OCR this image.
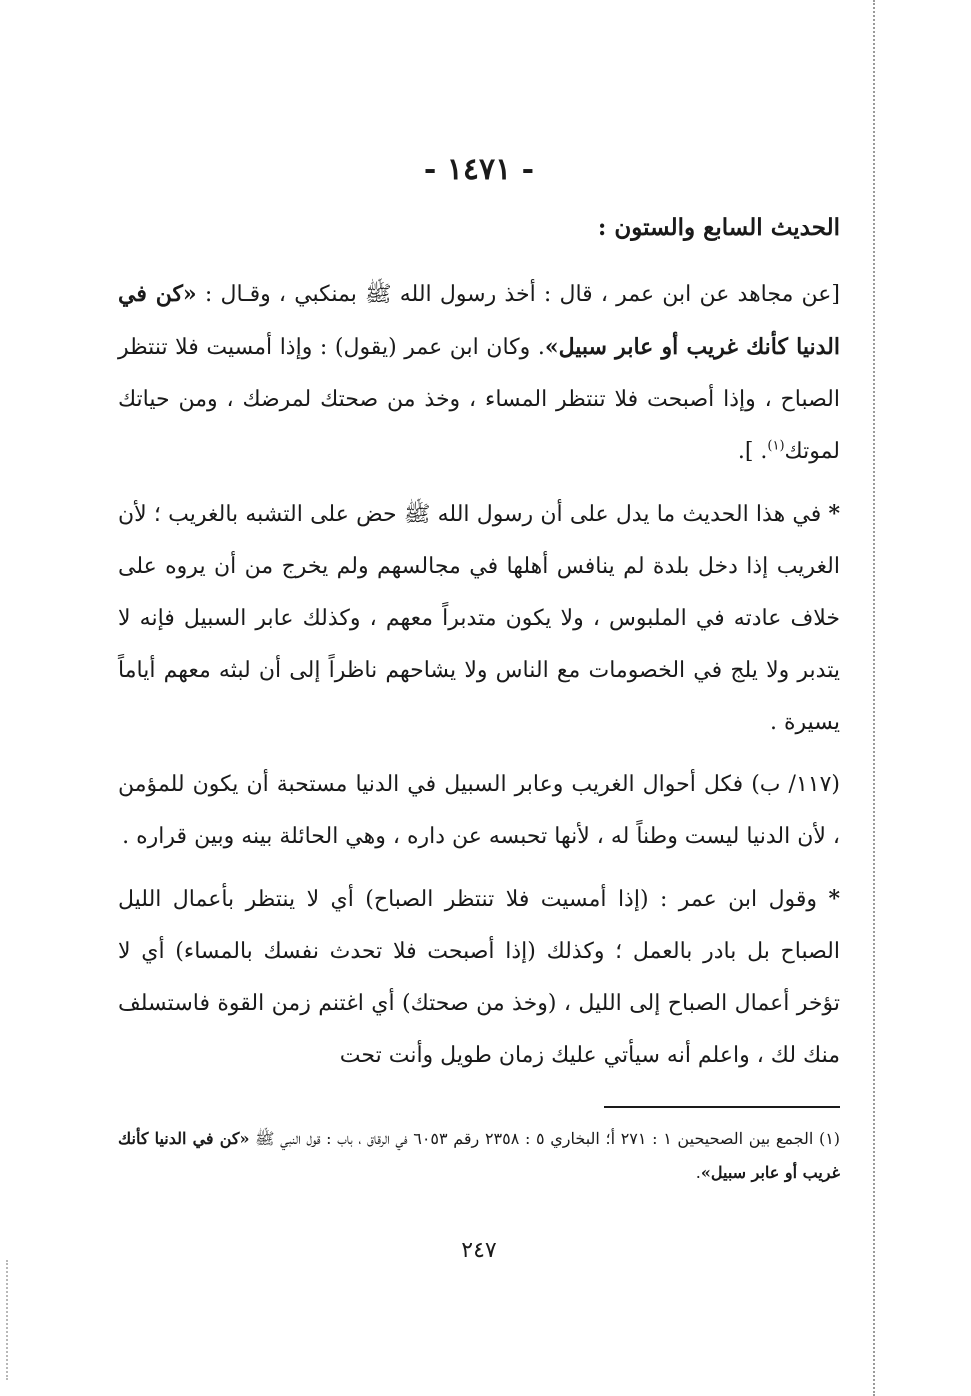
- ١٤٧١ -
الحديث السابع والستون :

[عن مجاهد عن ابن عمر ، قال : أخذ رسول الله ﷺ بمنكبي ، وقـال : «كن في الدنيا كأنك غريب أو عابر سبيل». وكان ابن عمر (يقول) : وإذا أمسيت فلا تنتظر الصباح ، وإذا أصبحت فلا تنتظر المساء ، وخذ من صحتك لمرضك ، ومن حياتك لموتك$^{(١)}$. ].

* في هذا الحديث ما يدل على أن رسول الله ﷺ حض على التشبه بالغريب ؛ لأن الغريب إذا دخل بلدة لم ينافس أهلها في مجالسهم ولم يخرج من أن يروه على خلاف عادته في الملبوس ، ولا يكون متدبراً معهم ، وكذلك عابر السبيل فإنه لا يتدبر ولا يلج في الخصومات مع الناس ولا يشاحهم ناظراً إلى أن لبثه معهم أياماً يسيرة .

(١١٧/ ب) فكل أحوال الغريب وعابر السبيل في الدنيا مستحبة أن يكون للمؤمن ، لأن الدنيا ليست وطناً له ، لأنها تحبسه عن داره ، وهي الحائلة بينه وبين قراره .

* وقول ابن عمر : (إذا أمسيت فلا تنتظر الصباح) أي لا ينتظر بأعمال الليل الصباح بل بادر بالعمل ؛ وكذلك (إذا أصبحت فلا تحدث نفسك بالمساء) أي لا تؤخر أعمال الصباح إلى الليل ، (وخذ من صحتك) أي اغتنم زمن القوة فاستسلف منك لك ، واعلم أنه سيأتي عليك زمان طويل وأنت تحت

(١) الجمع بين الصحيحين ١ : ٢٧١ أ؛ البخاري ٥ : ٢٣٥٨ رقم ٦٠٥٣ في الرقاق ، باب : قول النبي ﷺ «كن في الدنيا كأنك غريب أو عابر سبيل».
٢٤٧
